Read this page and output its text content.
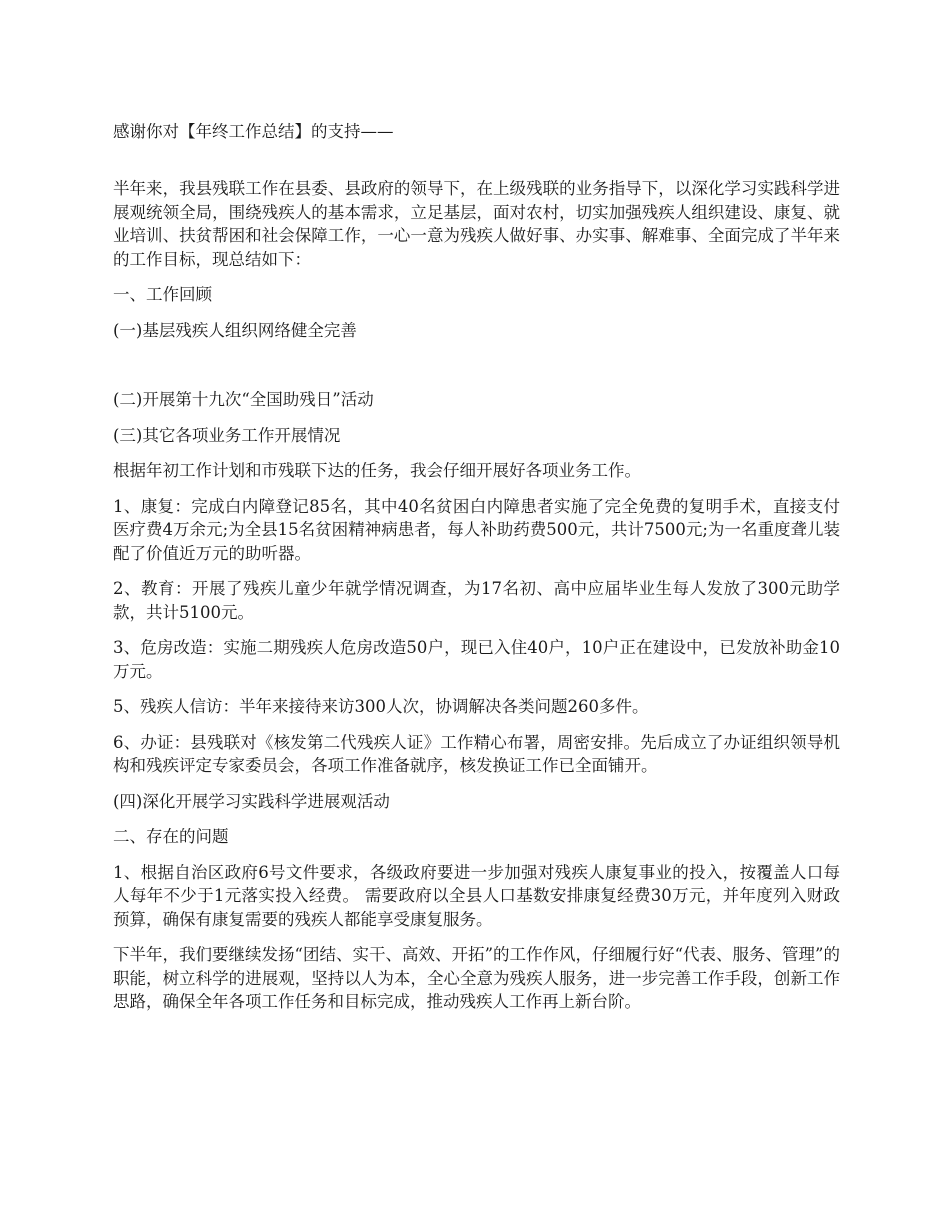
感谢你对【年终工作总结】的支持——

半年来，我县残联工作在县委、县政府的领导下，在上级残联的业务指导下，以深化学习实践科学进展观统领全局，围绕残疾人的基本需求，立足基层，面对农村，切实加强残疾人组织建设、康复、就业培训、扶贫帮困和社会保障工作，一心一意为残疾人做好事、办实事、解难事、全面完成了半年来的工作目标，现总结如下：

一、工作回顾

(一)基层残疾人组织网络健全完善

(二)开展第十九次“全国助残日”活动

(三)其它各项业务工作开展情况

根据年初工作计划和市残联下达的任务，我会仔细开展好各项业务工作。

1、康复：完成白内障登记85名，其中40名贫困白内障患者实施了完全免费的复明手术，直接支付医疗费4万余元;为全县15名贫困精神病患者，每人补助药费500元，共计7500元;为一名重度聋儿装配了价值近万元的助听器。

2、教育：开展了残疾儿童少年就学情况调查，为17名初、高中应届毕业生每人发放了300元助学款，共计5100元。

3、危房改造：实施二期残疾人危房改造50户，现已入住40户，10户正在建设中，已发放补助金10万元。

5、残疾人信访：半年来接待来访300人次，协调解决各类问题260多件。

6、办证：县残联对《核发第二代残疾人证》工作精心布署，周密安排。先后成立了办证组织领导机构和残疾评定专家委员会，各项工作准备就序，核发换证工作已全面铺开。

(四)深化开展学习实践科学进展观活动

二、存在的问题

1、根据自治区政府6号文件要求，各级政府要进一步加强对残疾人康复事业的投入，按覆盖人口每人每年不少于1元落实投入经费。 需要政府以全县人口基数安排康复经费30万元，并年度列入财政预算，确保有康复需要的残疾人都能享受康复服务。

下半年，我们要继续发扬“团结、实干、高效、开拓”的工作作风，仔细履行好“代表、服务、管理”的职能，树立科学的进展观，坚持以人为本，全心全意为残疾人服务，进一步完善工作手段，创新工作思路，确保全年各项工作任务和目标完成，推动残疾人工作再上新台阶。
